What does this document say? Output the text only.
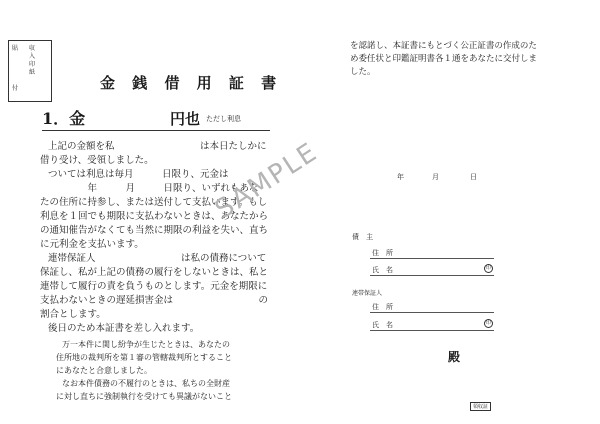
貼 収入印紙
付	金 銭 借 用 証 書
1．金	円也 ただし利息
上記の金額を私　　　　　　　　　は本日たしかに
借り受け、受領しました。
ついては利息は毎月　　　日限り、元金は
　　　　　年　　　月　　　日限り、いずれもあな
たの住所に持参し、または送付して支払います。もし
利息を１回でも期限に支払わないときは、あなたから
の通知催告がなくても当然に期限の利益を失い、直ち
に元利金を支払います。
連帯保証人　　　　　　　　　は私の債務について
保証し、私が上記の債務の履行をしないときは、私と
連帯して履行の責を負うものとします。元金を期限に
支払わないときの遅延損害金は　　　　　　　　　の
割合とします。
後日のため本証書を差し入れます。
万一本件に関し紛争が生じたときは、あなたの
住所地の裁判所を第１審の管轄裁判所とすること
にあなたと合意しました。
なお本件債務の不履行のときは、私ちの全財産
に対し直ちに強制執行を受けても異議がないこと
を認諾し、本証書にもとづく公正証書の作成のた
め委任状と印鑑証明書各１通をあなたに交付しま
した。
年	月	日
債　主
住　所
氏　名	印
連帯保証人
住　所
氏　名	印
殿
SAMPLE
領収証
